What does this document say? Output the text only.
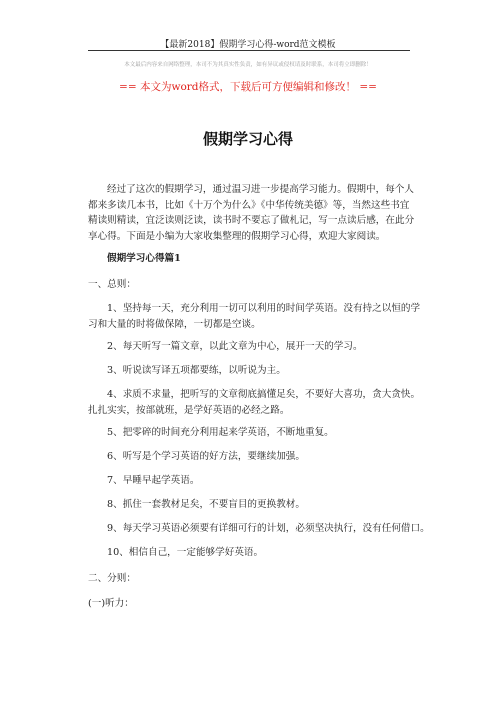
【最新2018】假期学习心得-word范文模板
本文最后内容来自网络整理，本司不为其真实性负责，如有异议或侵权请及时联系，本司将立即删除！
== 本文为word格式，下载后可方便编辑和修改！ ==
假期学习心得
经过了这次的假期学习，通过温习进一步提高学习能力。假期中，每个人
都来多读几本书，比如《十万个为什么》《中华传统美德》等，当然这些书宜
精读则精读，宜泛读则泛读，读书时不要忘了做札记，写一点读后感，在此分
享心得。下面是小编为大家收集整理的假期学习心得，欢迎大家阅读。
假期学习心得篇1
一、总则：
1、坚持每一天，充分利用一切可以利用的时间学英语。没有持之以恒的学
习和大量的时将做保障，一切都是空谈。
2、每天听写一篇文章，以此文章为中心，展开一天的学习。
3、听说读写译五项都要练，以听说为主。
4、求质不求量，把听写的文章彻底搞懂足矣，不要好大喜功，贪大贪快。
扎扎实实，按部就班，是学好英语的必经之路。
5、把零碎的时间充分利用起来学英语，不断地重复。
6、听写是个学习英语的好方法，要继续加强。
7、早睡早起学英语。
8、抓住一套教材足矣，不要盲目的更换教材。
9、每天学习英语必须要有详细可行的计划，必须坚决执行，没有任何借口。
10、相信自己，一定能够学好英语。
二、分则：
(一)听力：
